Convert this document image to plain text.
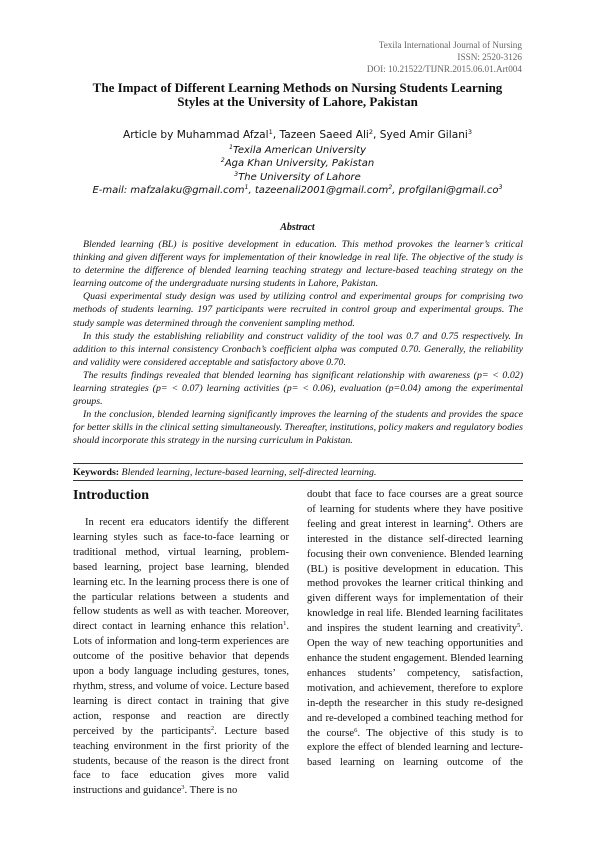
Texila International Journal of Nursing
ISSN: 2520-3126
DOI: 10.21522/TIJNR.2015.06.01.Art004
The Impact of Different Learning Methods on Nursing Students Learning
Styles at the University of Lahore, Pakistan
Article by Muhammad Afzal$^1$, Tazeen Saeed Ali$^2$, Syed Amir Gilani$^3$
$^1$Texila American University
$^2$Aga Khan University, Pakistan
$^3$The University of Lahore
E-mail: mafzalaku@gmail.com$^1$, tazeenali2001@gmail.com$^2$, $profgilani@gmail.co^3$
Abstract

Blended learning (BL) is positive development in education. This method provokes the learner’s critical thinking and given different ways for implementation of their knowledge in real life. The objective of the study is to determine the difference of blended learning teaching strategy and lecture-based teaching strategy on the learning outcome of the undergraduate nursing students in Lahore, Pakistan.

Quasi experimental study design was used by utilizing control and experimental groups for comprising two methods of students learning. 197 participants were recruited in control group and experimental groups. The study sample was determined through the convenient sampling method.

In this study the establishing reliability and construct validity of the tool was 0.7 and 0.75 respectively. In addition to this internal consistency Cronbach’s coefficient alpha was computed 0.70. Generally, the reliability and validity were considered acceptable and satisfactory above 0.70.

The results findings revealed that blended learning has significant relationship with awareness (p= < 0.02) learning strategies (p= < 0.07) learning activities (p= < 0.06), evaluation (p=0.04) among the experimental groups.

In the conclusion, blended learning significantly improves the learning of the students and provides the space for better skills in the clinical setting simultaneously. Thereafter, institutions, policy makers and regulatory bodies should incorporate this strategy in the nursing curriculum in Pakistan.

Keywords: Blended learning, lecture-based learning, self-directed learning.
Introduction

In recent era educators identify the different learning styles such as face-to-face learning or traditional method, virtual learning, problem-based learning, project base learning, blended learning etc. In the learning process there is one of the particular relations between a students and fellow students as well as with teacher. Moreover, direct contact in learning enhance this relation$^1$. Lots of information and long-term experiences are outcome of the positive behavior that depends upon a body language including gestures, tones, rhythm, stress, and volume of voice. Lecture based learning is direct contact in training that give action, response and reaction are directly perceived by the participants$^2$. Lecture based teaching environment in the first priority of the students, because of the reason is the direct front face to face education gives more valid instructions and guidance$^3$. There is no

doubt that face to face courses are a great source of learning for students where they have positive feeling and great interest in learning$^4$. Others are interested in the distance self-directed learning focusing their own convenience. Blended learning (BL) is positive development in education. This method provokes the learner critical thinking and given different ways for implementation of their knowledge in real life. Blended learning facilitates and inspires the student learning and creativity$^5$. Open the way of new teaching opportunities and enhance the student engagement. Blended learning enhances students’ competency, satisfaction, motivation, and achievement, therefore to explore in-depth the researcher in this study re-designed and re-developed a combined teaching method for the course$^6$. The objective of this study is to explore the effect of blended learning and lecture-based learning on learning outcome of the
